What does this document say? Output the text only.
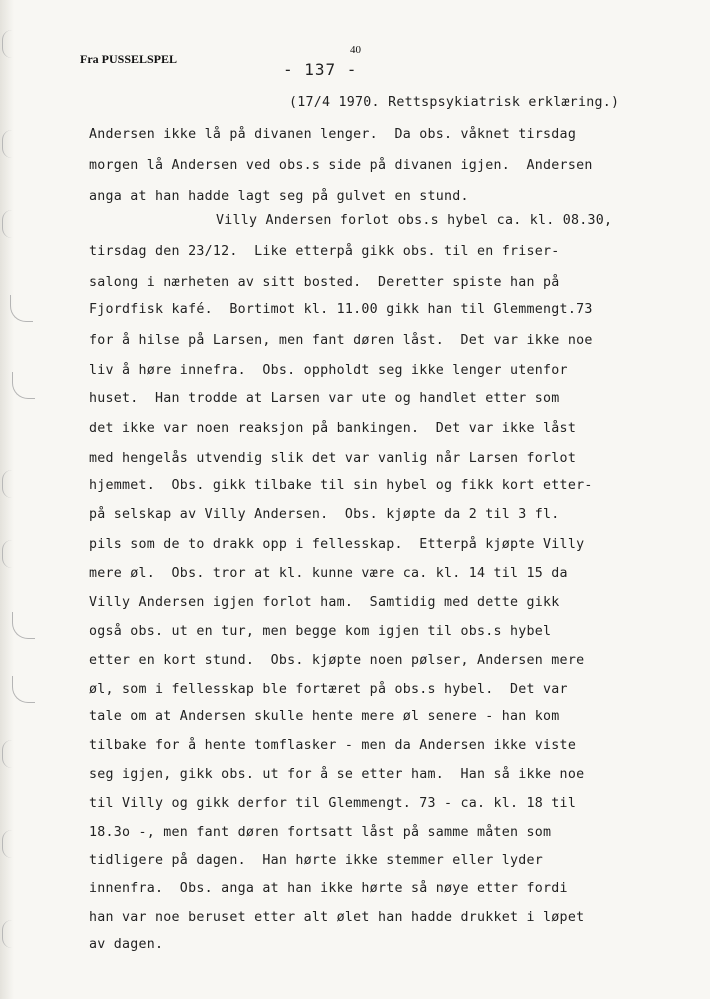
Fra PUSSELSPEL
40
- 137 -
(17/4 1970. Rettspsykiatrisk erklæring.)
Andersen ikke lå på divanen lenger.  Da obs. våknet tirsdag
morgen lå Andersen ved obs.s side på divanen igjen.  Andersen
anga at han hadde lagt seg på gulvet en stund.
Villy Andersen forlot obs.s hybel ca. kl. 08.30,
tirsdag den 23/12.  Like etterpå gikk obs. til en friser-
salong i nærheten av sitt bosted.  Deretter spiste han på
Fjordfisk kafé.  Bortimot kl. 11.00 gikk han til Glemmengt.73
for å hilse på Larsen, men fant døren låst.  Det var ikke noe
liv å høre innefra.  Obs. oppholdt seg ikke lenger utenfor
huset.  Han trodde at Larsen var ute og handlet etter som
det ikke var noen reaksjon på bankingen.  Det var ikke låst
med hengelås utvendig slik det var vanlig når Larsen forlot
hjemmet.  Obs. gikk tilbake til sin hybel og fikk kort etter-
på selskap av Villy Andersen.  Obs. kjøpte da 2 til 3 fl.
pils som de to drakk opp i fellesskap.  Etterpå kjøpte Villy
mere øl.  Obs. tror at kl. kunne være ca. kl. 14 til 15 da
Villy Andersen igjen forlot ham.  Samtidig med dette gikk
også obs. ut en tur, men begge kom igjen til obs.s hybel
etter en kort stund.  Obs. kjøpte noen pølser, Andersen mere
øl, som i fellesskap ble fortæret på obs.s hybel.  Det var
tale om at Andersen skulle hente mere øl senere - han kom
tilbake for å hente tomflasker - men da Andersen ikke viste
seg igjen, gikk obs. ut for å se etter ham.  Han så ikke noe
til Villy og gikk derfor til Glemmengt. 73 - ca. kl. 18 til
18.3o -, men fant døren fortsatt låst på samme måten som
tidligere på dagen.  Han hørte ikke stemmer eller lyder
innenfra.  Obs. anga at han ikke hørte så nøye etter fordi
han var noe beruset etter alt ølet han hadde drukket i løpet
av dagen.
